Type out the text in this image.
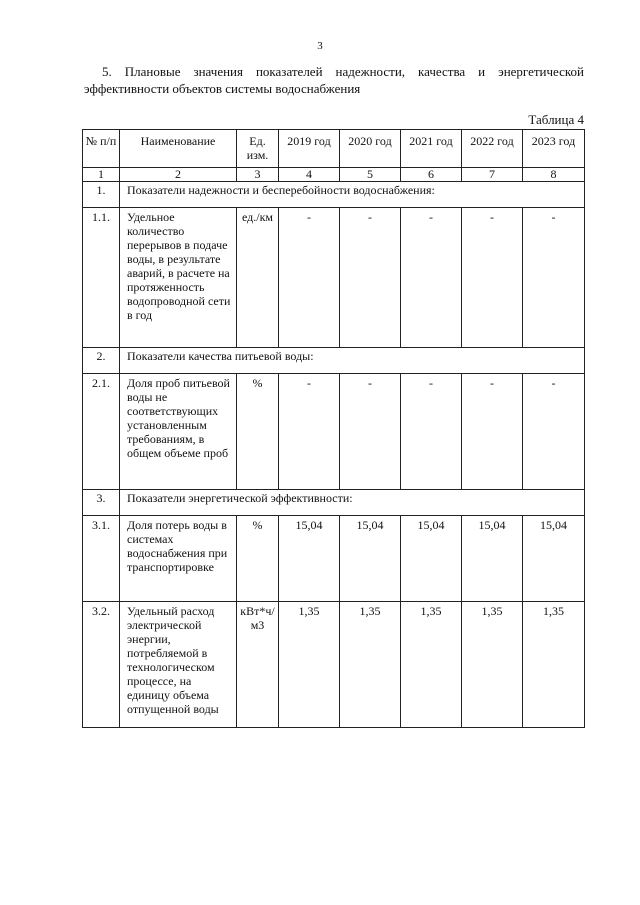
3
5. Плановые значения показателей надежности, качества и энергетической
эффективности объектов системы водоснабжения
Таблица 4
№ п/п	Наименование	Ед. изм.	2019 год	2020 год	2021 год	2022 год	2023 год
1	2	3	4	5	6	7	8
1.	Показатели надежности и бесперебойности водоснабжения:						
1.1.	Удельное количество перерывов в подаче воды, в результате аварий, в расчете на протяженность водопроводной сети в год	ед./км	-	-	-	-	-
2.	Показатели качества питьевой воды:						
2.1.	Доля проб питьевой воды не соответствующих установленным требованиям, в общем объеме проб	%	-	-	-	-	-
3.	Показатели энергетической эффективности:						
3.1.	Доля потерь воды в системах водоснабжения при транспортировке	%	15,04	15,04	15,04	15,04	15,04
3.2.	Удельный расход электрической энергии, потребляемой в технологическом процессе, на единицу объема отпущенной воды	кВт*ч/м3	1,35	1,35	1,35	1,35	1,35
